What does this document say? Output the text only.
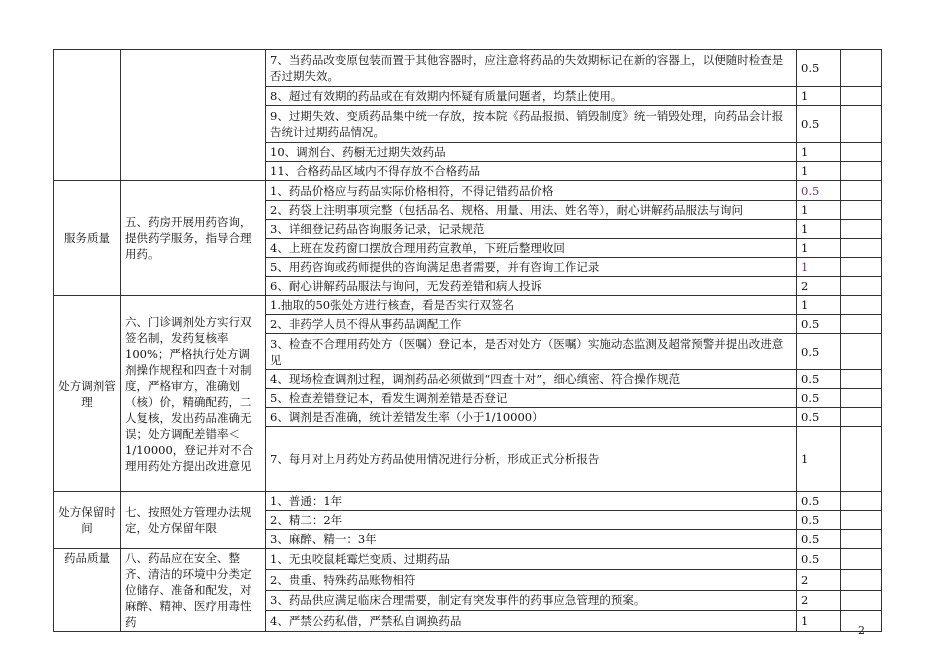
		7、当药品改变原包装而置于其他容器时，应注意将药品的失效期标记在新的容器上，以便随时检查是否过期失效。	0.5		
		8、超过有效期的药品或在有效期内怀疑有质量问题者，均禁止使用。	1		
		9、过期失效、变质药品集中统一存放，按本院《药品报损、销毁制度》统一销毁处理，向药品会计报告统计过期药品情况。	0.5		
		10、调剂台、药橱无过期失效药品	1		
		11、合格药品区域内不得存放不合格药品	1		
服务质量	五、药房开展用药咨询，提供药学服务，指导合理用药。	1、药品价格应与药品实际价格相符，不得记错药品价格	0.5		
		2、药袋上注明事项完整（包括品名、规格、用量、用法、姓名等），耐心讲解药品服法与询问	1		
		3、详细登记药品咨询服务记录，记录规范	1		
		4、上班在发药窗口摆放合理用药宣教单，下班后整理收回	1		
		5、用药咨询或药师提供的咨询满足患者需要，并有咨询工作记录	1		
		6、耐心讲解药品服法与询问，无发药差错和病人投诉	2		
处方调剂管理	六、门诊调剂处方实行双签名制，发药复核率100%；严格执行处方调剂操作规程和四查十对制度，严格审方，准确划（核）价，精确配药，二人复核，发出药品准确无误；处方调配差错率＜1/10000，登记并对不合理用药处方提出改进意见	1.抽取的50张处方进行核查，看是否实行双签名	1		
		2、非药学人员不得从事药品调配工作	0.5		
		3、检查不合理用药处方（医嘱）登记本，是否对处方（医嘱）实施动态监测及超常预警并提出改进意见	0.5		
		4、现场检查调剂过程，调剂药品必须做到“四查十对”，细心缜密、符合操作规范	0.5		
		5、检查差错登记本，看发生调剂差错是否登记	0.5		
		6、调剂是否准确，统计差错发生率（小于1/10000）	0.5		
		7、每月对上月药处方药品使用情况进行分析，形成正式分析报告	1		
处方保留时间	七、按照处方管理办法规定，处方保留年限	1、普通：1年	0.5		
		2、精二：2年	0.5		
		3、麻醉、精一：3年	0.5		
药品质量	八、药品应在安全、整齐、清洁的环境中分类定位储存、准备和配发，对麻醉、精神、医疗用毒性药	1、无虫咬鼠耗霉烂变质、过期药品	0.5		
		2、贵重、特殊药品账物相符	2		
		3、药品供应满足临床合理需要，制定有突发事件的药事应急管理的预案。	2		
		4、严禁公药私借，严禁私自调换药品	1		
2
